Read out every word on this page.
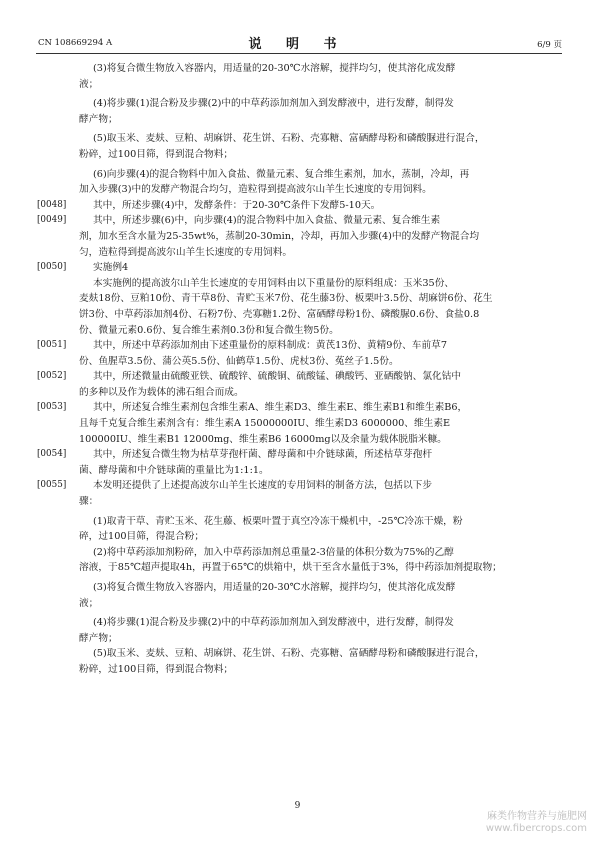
CN 108669294 A	说 明 书	6/9 页
(3)将复合微生物放入容器内，用适量的20-30℃水溶解，搅拌均匀，使其溶化成发酵
液；
(4)将步骤(1)混合粉及步骤(2)中的中草药添加剂加入到发酵液中，进行发酵，制得发
酵产物；
(5)取玉米、麦麸、豆粕、胡麻饼、花生饼、石粉、壳寡糖、富硒酵母粉和磷酸脲进行混合，
粉碎，过100目筛，得到混合物料；
(6)向步骤(4)的混合物料中加入食盐、微量元素、复合维生素剂，加水，蒸制，冷却，再
加入步骤(3)中的发酵产物混合均匀，造粒得到提高波尔山羊生长速度的专用饲料。
[0048]	其中，所述步骤(4)中，发酵条件：于20-30℃条件下发酵5-10天。
[0049]	其中，所述步骤(6)中，向步骤(4)的混合物料中加入食盐、微量元素、复合维生素
剂，加水至含水量为25-35wt%，蒸制20-30min，冷却，再加入步骤(4)中的发酵产物混合均
匀，造粒得到提高波尔山羊生长速度的专用饲料。
[0050]	实施例4
本实施例的提高波尔山羊生长速度的专用饲料由以下重量份的原料组成：玉米35份、
麦麸18份、豆粕10份、青干草8份、青贮玉米7份、花生藤3份、板栗叶3.5份、胡麻饼6份、花生
饼3份、中草药添加剂4份、石粉7份、壳寡糖1.2份、富硒酵母粉1份、磷酸脲0.6份、食盐0.8
份、微量元素0.6份、复合维生素剂0.3份和复合微生物5份。
[0051]	其中，所述中草药添加剂由下述重量份的原料制成：黄芪13份、黄精9份、车前草7
份、鱼腥草3.5份、蒲公英5.5份、仙鹤草1.5份、虎杖3份、菟丝子1.5份。
[0052]	其中，所述微量由硫酸亚铁、硫酸锌、硫酸铜、硫酸锰、碘酸钙、亚硒酸钠、氯化钴中
的多种以及作为载体的沸石组合而成。
[0053]	其中，所述复合维生素剂包含维生素A、维生素D3、维生素E、维生素B1和维生素B6，
且每千克复合维生素剂含有：维生素A 15000000IU、维生素D3 6000000、维生素E
100000IU、维生素B1 12000mg、维生素B6 16000mg以及余量为载体脱脂米糠。
[0054]	其中，所述复合微生物为枯草芽孢杆菌、酵母菌和中介链球菌，所述枯草芽孢杆
菌、酵母菌和中介链球菌的重量比为1:1:1。
[0055]	本发明还提供了上述提高波尔山羊生长速度的专用饲料的制备方法，包括以下步
骤：
(1)取青干草、青贮玉米、花生藤、板栗叶置于真空冷冻干燥机中，-25℃冷冻干燥，粉
碎，过100目筛，得混合粉；
(2)将中草药添加剂粉碎，加入中草药添加剂总重量2-3倍量的体积分数为75%的乙醇
溶液，于85℃超声提取4h，再置于65℃的烘箱中，烘干至含水量低于3%，得中药添加剂提取物；
(3)将复合微生物放入容器内，用适量的20-30℃水溶解，搅拌均匀，使其溶化成发酵
液；
(4)将步骤(1)混合粉及步骤(2)中的中草药添加剂加入到发酵液中，进行发酵，制得发
酵产物；
(5)取玉米、麦麸、豆粕、胡麻饼、花生饼、石粉、壳寡糖、富硒酵母粉和磷酸脲进行混合，
粉碎，过100目筛，得到混合物料；
9
麻类作物营养与施肥网
www.fibercrops.com
